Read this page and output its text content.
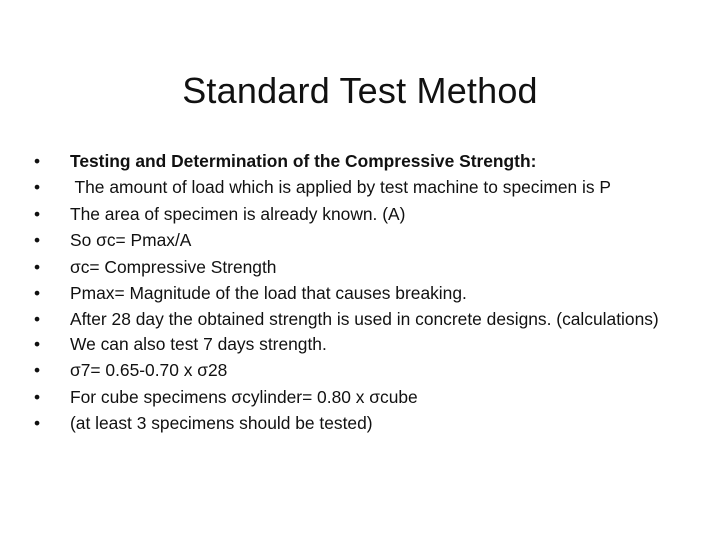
Standard Test Method
• Testing and Determination of the Compressive Strength:
• The amount of load which is applied by test machine to specimen is P
• The area of specimen is already known. (A)
• So σc= Pmax/A
• σc= Compressive Strength
• Pmax= Magnitude of the load that causes breaking.
• After 28 day the obtained strength is used in concrete designs. (calculations)
• We can also test 7 days strength.
• σ7= 0.65-0.70 x σ28
• For cube specimens σcylinder= 0.80 x σcube
• (at least 3 specimens should be tested)
